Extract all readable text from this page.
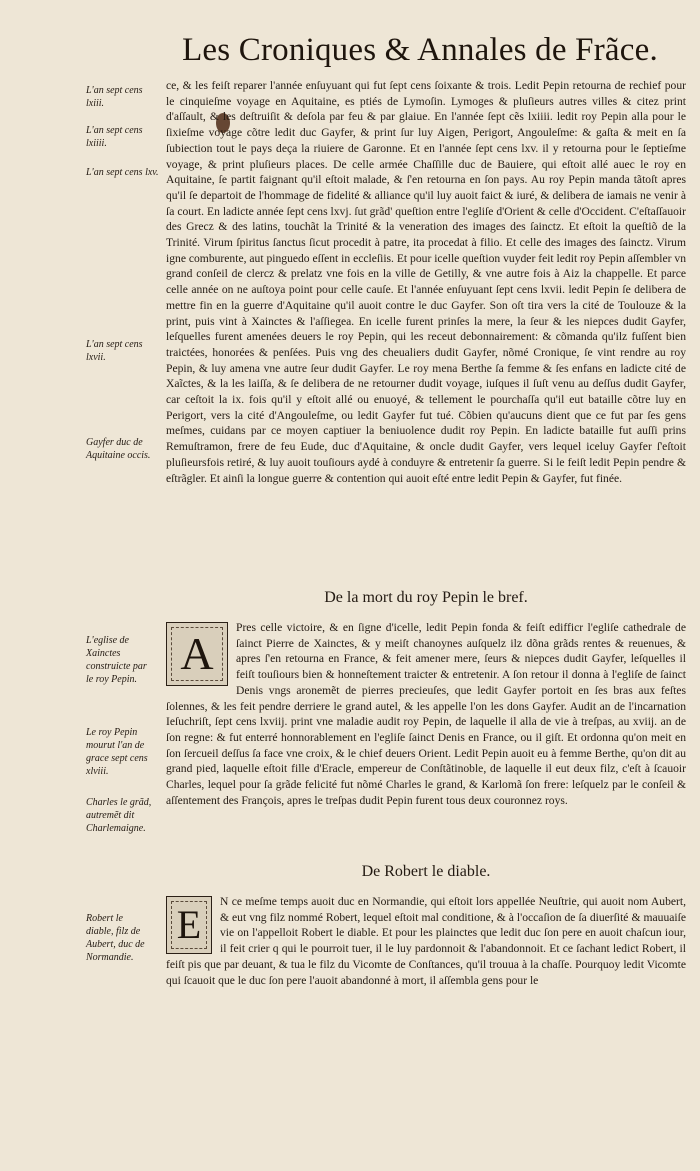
Les Croniques & Annales de Frãce.
L'an sept cens lxiii.
L'an sept cens lxiiii.
L'an sept cens lxv.
L'an sept cens lxvii.
Gayfer duc de Aquitaine occis.
L'eglise de Xainctes construicte par le roy Pepin.
Le roy Pepin mourut l'an de grace sept cens xlviii.
Charles le grãd, autremẽt dit Charlemaigne.
Robert le diable, filz de Aubert, duc de Normandie.

ce, & les feiſt reparer l'année enſuyuant qui fut ſept cens ſoixante & trois. Ledit Pepin retourna de rechief pour le cinquieſme voyage en Aquitaine, es ptiés de Lymoſin. Lymoges & pluſieurs autres villes & citez print d'aſſault, & les deſtruiſit & deſola par feu & par glaiue. En l'année ſept cẽs lxiiii. ledit roy Pepin alla pour le ſixieſme voyage cõtre ledit duc Gayfer, & print ſur luy Aigen, Perigort, Angouleſme: & gaſta & meit en ſa ſubiection tout le pays deça la riuiere de Garonne. Et en l'année ſept cens lxv. il y retourna pour le ſeptieſme voyage, & print pluſieurs places. De celle armée Chaſſille duc de Bauiere, qui eſtoit allé auec le roy en Aquitaine, ſe partit faignant qu'il eſtoit malade, & ſ'en retourna en ſon pays. Au roy Pepin manda tãtoſt apres qu'il ſe departoit de l'hommage de fidelité & alliance qu'il luy auoit faict & iuré, & delibera de iamais ne venir à ſa court. En ladicte année ſept cens lxvj. ſut grãd' queſtion entre l'egliſe d'Orient & celle d'Occident. C'eſtaſſauoir des Grecz & des latins, touchãt la Trinité & la veneration des images des ſainctz. Et eſtoit la queſtiõ de la Trinité. Virum ſpiritus ſanctus ſicut procedit à patre, ita procedat à filio. Et celle des images des ſainctz. Virum igne comburente, aut pinguedo eſſent in eccleſiis. Et pour icelle queſtion vuyder feit ledit roy Pepin aſſembler vn grand conſeil de clercz & prelatz vne fois en la ville de Getilly, & vne autre fois à Aiz la chappelle. Et parce celle année on ne auſtoya point pour celle cauſe. Et l'année enſuyuant ſept cens lxvii. ledit Pepin ſe delibera de mettre fin en la guerre d'Aquitaine qu'il auoit contre le duc Gayfer. Son oſt tira vers la cité de Toulouze & la print, puis vint à Xainctes & l'aſſiegea. En icelle furent prinſes la mere, la ſeur & les niepces dudit Gayfer, leſquelles furent amenées deuers le roy Pepin, qui les receut debonnairement: & cõmanda qu'ilz fuſſent bien traictées, honorées & penſées. Puis vng des cheualiers dudit Gayfer, nõmé Cronique, ſe vint rendre au roy Pepin, & luy amena vne autre ſeur dudit Gayfer. Le roy mena Berthe ſa femme & ſes enfans en ladicte cité de Xaĩctes, & la les laiſſa, & ſe delibera de ne retourner dudit voyage, iuſques il ſuſt venu au deſſus dudit Gayfer, car ceſtoit la ix. fois qu'il y eſtoit allé ou enuoyé, & tellement le pourchaſſa qu'il eut bataille cõtre luy en Perigort, vers la cité d'Angouleſme, ou ledit Gayfer fut tué. Cõbien qu'aucuns dient que ce fut par ſes gens meſmes, cuidans par ce moyen captiuer la beniuolence dudit roy Pepin. En ladicte bataille fut auſſi prins Remuſtramon, frere de feu Eude, duc d'Aquitaine, & oncle dudit Gayfer, vers lequel iceluy Gayfer ſ'eſtoit pluſieursfois retiré, & luy auoit touſiours aydé à conduyre & entretenir ſa guerre. Si le feiſt ledit Pepin pendre & eſtrãgler. Et ainſi la longue guerre & contention qui auoit eſté entre ledit Pepin & Gayfer, fut finée.

De la mort du roy Pepin le bref.
A

Pres celle victoire, & en ſigne d'icelle, ledit Pepin fonda & feiſt edifficr l'egliſe cathedrale de ſainct Pierre de Xainctes, & y meiſt chanoynes auſquelz ilz dõna grãds rentes & reuenues, & apres ſ'en retourna en France, & feit amener mere, ſeurs & niepces dudit Gayfer, leſquelles il feiſt touſiours bien & honneſtement traicter & entretenir. A ſon retour il donna à l'egliſe de ſainct Denis vngs aronemẽt de pierres precieuſes, que ledit Gayfer portoit en ſes bras aux feſtes ſolennes, & les feit pendre derriere le grand autel, & les appelle l'on les dons Gayfer. Audit an de l'incarnation Ieſuchriſt, ſept cens lxviij. print vne maladie audit roy Pepin, de laquelle il alla de vie à treſpas, au xviij. an de ſon regne: & fut enterré honnorablement en l'egliſe ſainct Denis en France, ou il giſt. Et ordonna qu'on meit en ſon ſercueil deſſus ſa face vne croix, & le chief deuers Orient. Ledit Pepin auoit eu à femme Berthe, qu'on dit au grand pied, laquelle eſtoit fille d'Eracle, empereur de Conſtãtinoble, de laquelle il eut deux filz, c'eſt à ſcauoir Charles, lequel pour ſa grãde felicité fut nõmé Charles le grand, & Karlomã ſon frere: leſquelz par le conſeil & aſſentement des François, apres le treſpas dudit Pepin furent tous deux couronnez roys.

De Robert le diable.
E

N ce meſme temps auoit duc en Normandie, qui eſtoit lors appellée Neuſtrie, qui auoit nom Aubert, & eut vng filz nommé Robert, lequel eſtoit mal conditione, & à l'occaſion de ſa diuerſité & mauuaiſe vie on l'appelloit Robert le diable. Et pour les plainctes que ledit duc ſon pere en auoit chaſcun iour, il feit crier q qui le pourroit tuer, il le luy pardonnoit & l'abandonnoit. Et ce ſachant ledict Robert, il feiſt pis que par deuant, & tua le filz du Vicomte de Conſtances, qu'il trouua à la chaſſe. Pourquoy ledit Vicomte qui ſcauoit que le duc ſon pere l'auoit abandonné à mort, il aſſembla gens pour le
